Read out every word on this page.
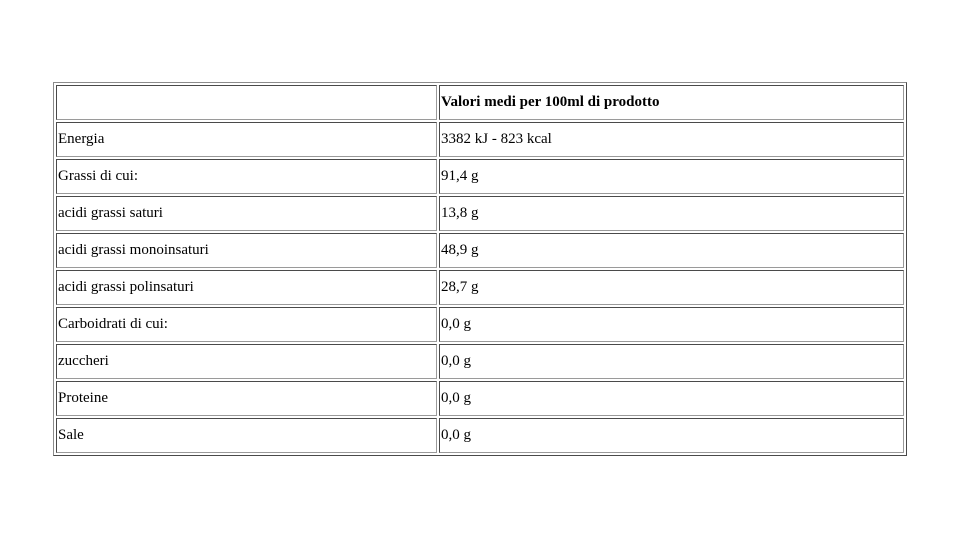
	Valori medi per 100ml di prodotto
Energia	3382 kJ - 823 kcal
Grassi di cui:	91,4 g
acidi grassi saturi	13,8 g
acidi grassi monoinsaturi	48,9 g
acidi grassi polinsaturi	28,7 g
Carboidrati di cui:	0,0 g
zuccheri	0,0 g
Proteine	0,0 g
Sale	0,0 g
